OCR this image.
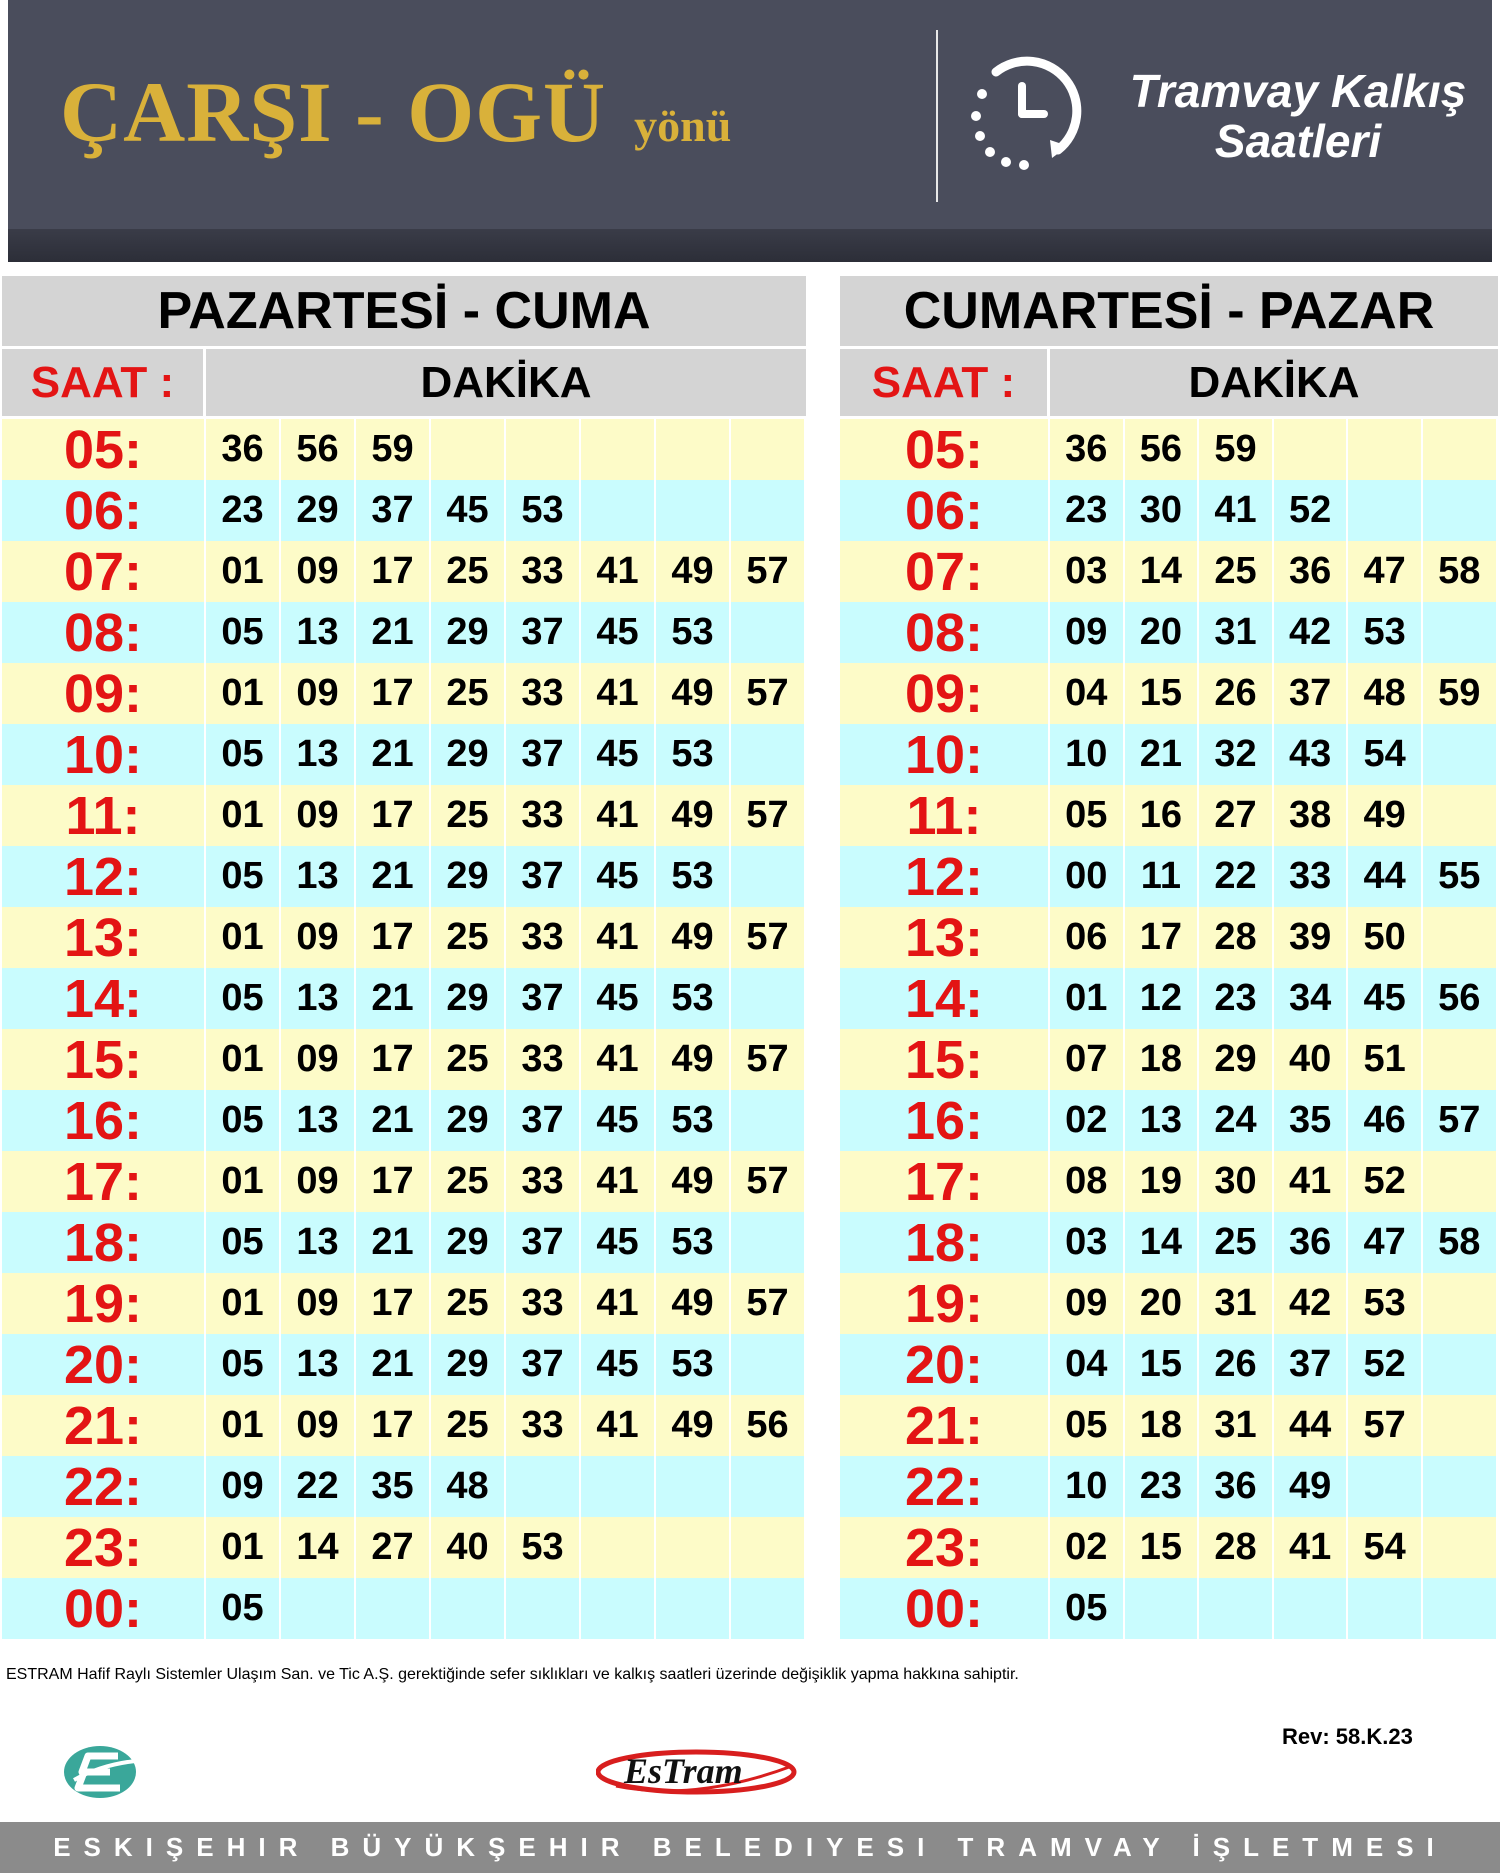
ÇARŞI - OGÜ yönü
Tramvay Kalkış
Saatleri
PAZARTESİ - CUMA
SAAT :	DAKİKA
05:	36 56 59
06:	23 29 37 45 53
07:	01 09 17 25 33 41 49 57
08:	05 13 21 29 37 45 53
09:	01 09 17 25 33 41 49 57
10:	05 13 21 29 37 45 53
11:	01 09 17 25 33 41 49 57
12:	05 13 21 29 37 45 53
13:	01 09 17 25 33 41 49 57
14:	05 13 21 29 37 45 53
15:	01 09 17 25 33 41 49 57
16:	05 13 21 29 37 45 53
17:	01 09 17 25 33 41 49 57
18:	05 13 21 29 37 45 53
19:	01 09 17 25 33 41 49 57
20:	05 13 21 29 37 45 53
21:	01 09 17 25 33 41 49 56
22:	09 22 35 48
23:	01 14 27 40 53
00:	05
CUMARTESİ - PAZAR
SAAT :	DAKİKA
05:	36 56 59
06:	23 30 41 52
07:	03 14 25 36 47 58
08:	09 20 31 42 53
09:	04 15 26 37 48 59
10:	10 21 32 43 54
11:	05 16 27 38 49
12:	00 11 22 33 44 55
13:	06 17 28 39 50
14:	01 12 23 34 45 56
15:	07 18 29 40 51
16:	02 13 24 35 46 57
17:	08 19 30 41 52
18:	03 14 25 36 47 58
19:	09 20 31 42 53
20:	04 15 26 37 52
21:	05 18 31 44 57
22:	10 23 36 49
23:	02 15 28 41 54
00:	05
ESTRAM Hafif Raylı Sistemler Ulaşım San. ve Tic A.Ş. gerektiğinde sefer sıklıkları ve kalkış saatleri üzerinde değişiklik yapma hakkına sahiptir.
Rev: 58.K.23
EsTram
ESKIŞEHIR BÜYÜKŞEHIR BELEDIYESI TRAMVAY İŞLETMESI
